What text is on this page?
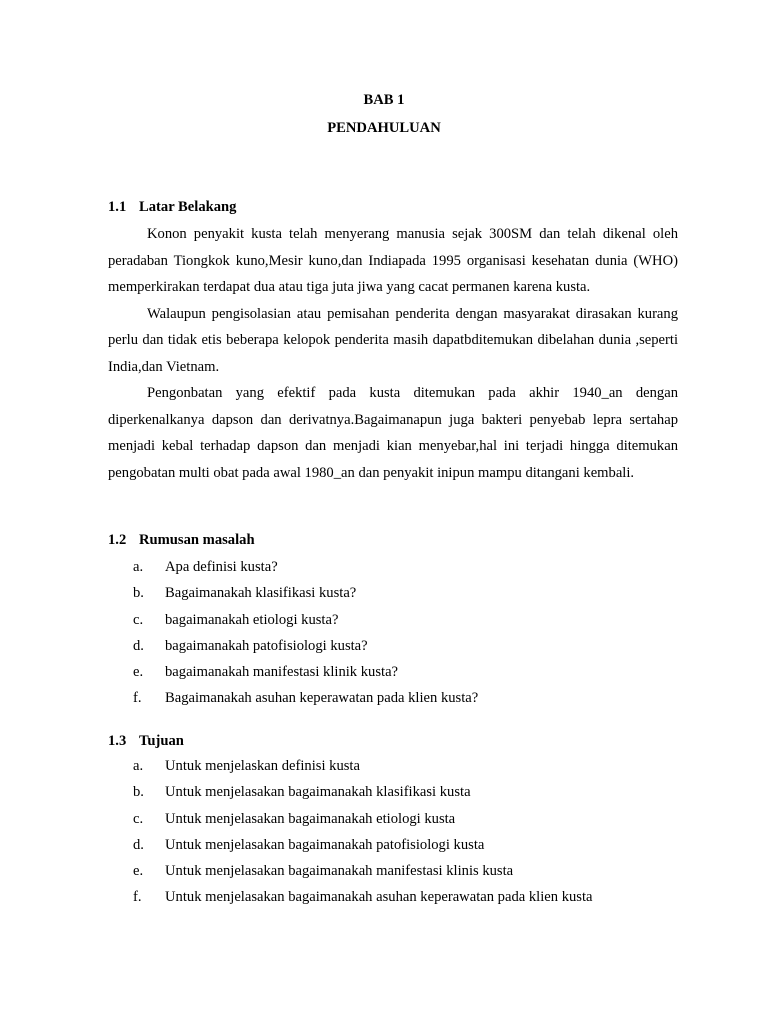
BAB 1
PENDAHULUAN

1.1 Latar Belakang

Konon penyakit kusta telah menyerang manusia sejak 300SM dan telah dikenal oleh peradaban Tiongkok kuno,Mesir kuno,dan Indiapada 1995 organisasi kesehatan dunia (WHO) memperkirakan terdapat dua atau tiga juta jiwa yang cacat permanen karena kusta.

Walaupun pengisolasian atau pemisahan penderita dengan masyarakat dirasakan kurang perlu dan tidak etis beberapa kelopok penderita masih dapatbditemukan dibelahan dunia ,seperti India,dan Vietnam.

Pengonbatan yang efektif pada kusta ditemukan pada akhir 1940_an dengan diperkenalkanya dapson dan derivatnya.Bagaimanapun juga bakteri penyebab lepra sertahap menjadi kebal terhadap dapson dan menjadi kian menyebar,hal ini terjadi hingga ditemukan pengobatan multi obat pada awal 1980_an dan penyakit inipun mampu ditangani kembali.

1.2 Rumusan masalah

a. Apa definisi kusta?
b. Bagaimanakah klasifikasi kusta?
c. bagaimanakah etiologi kusta?
d. bagaimanakah patofisiologi kusta?
e. bagaimanakah manifestasi klinik kusta?
f. Bagaimanakah asuhan keperawatan pada klien kusta?

1.3 Tujuan

a. Untuk menjelaskan definisi kusta
b. Untuk menjelasakan bagaimanakah klasifikasi kusta
c. Untuk menjelasakan bagaimanakah etiologi kusta
d. Untuk menjelasakan bagaimanakah patofisiologi kusta
e. Untuk menjelasakan bagaimanakah manifestasi klinis kusta
f. Untuk menjelasakan bagaimanakah asuhan keperawatan pada klien kusta
